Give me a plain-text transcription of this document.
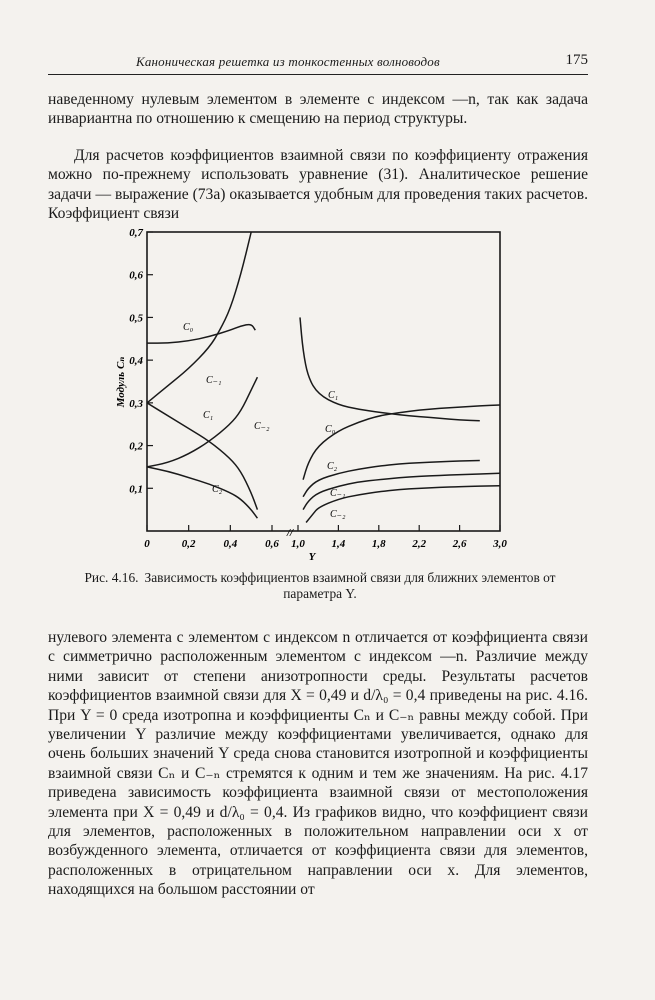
Каноническая решетка из тонкостенных волноводов	175

наведенному нулевым элементом в элементе с индексом —n, так как задача инвариантна по отношению к смещению на период структуры.

Для расчетов коэффициентов взаимной связи по коэффициенту отражения можно по-прежнему использовать уравнение (31). Аналитическое решение задачи — выражение (73а) оказывается удобным для проведения таких расчетов. Коэффициент связи

0,1
0,2
0,3
0,4
0,5
0,6
0,7
0	0,2	0,4	0,6 1,0 1,4 1,8 2,2 2,6 3,0
C₀
C₋₁
C₁
C₋₂
C₂
C₁
C₀
C₂
C₋₁
C₋₂
Y
Модуль Cₙ
//
Рис. 4.16. Зависимость коэффициентов взаимной связи для ближних элементов от параметра Y.

нулевого элемента с элементом с индексом n отличается от коэффициента связи с симметрично расположенным элементом с индексом —n. Различие между ними зависит от степени анизотропности среды. Результаты расчетов коэффициентов взаимной связи для X = 0,49 и d/λ₀ = 0,4 приведены на рис. 4.16. При Y = 0 среда изотропна и коэффициенты Cₙ и C₋ₙ равны между собой. При увеличении Y различие между коэффициентами увеличивается, однако для очень больших значений Y среда снова становится изотропной и коэффициенты взаимной связи Cₙ и C₋ₙ стремятся к одним и тем же значениям. На рис. 4.17 приведена зависимость коэффициента взаимной связи от местоположения элемента при X = 0,49 и d/λ₀ = 0,4. Из графиков видно, что коэффициент связи для элементов, расположенных в положительном направлении оси x от возбужденного элемента, отличается от коэффициента связи для элементов, расположенных в отрицательном направлении оси x. Для элементов, находящихся на большом расстоянии от
